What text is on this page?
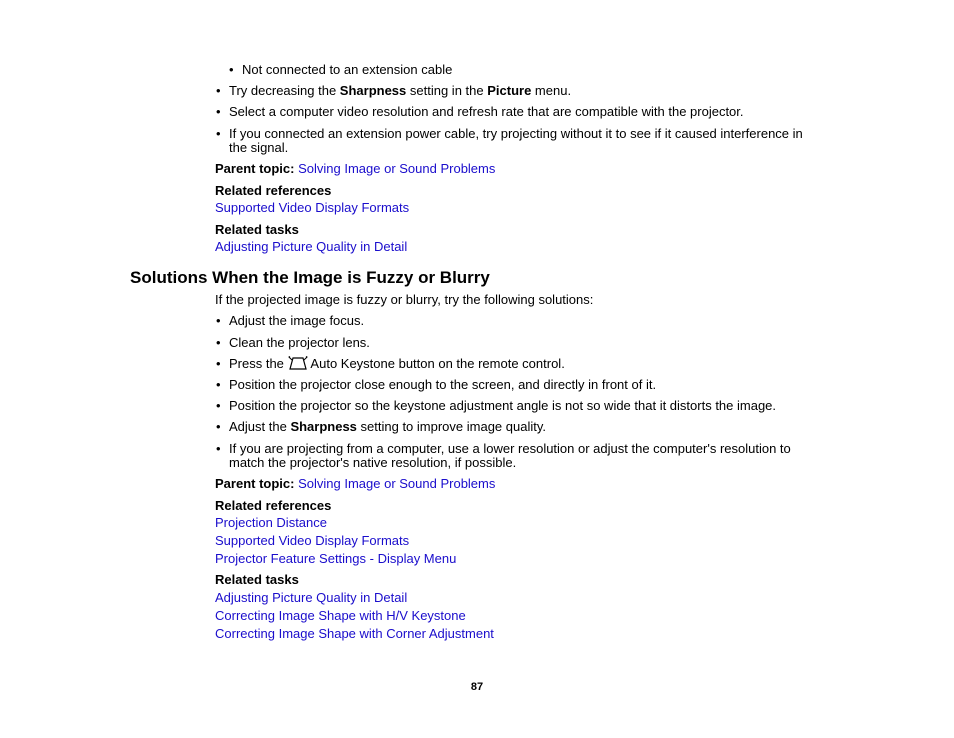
• Not connected to an extension cable
• Try decreasing the Sharpness setting in the Picture menu.
• Select a computer video resolution and refresh rate that are compatible with the projector.
• If you connected an extension power cable, try projecting without it to see if it caused interference in
the signal.
Parent topic: Solving Image or Sound Problems
Related references
Supported Video Display Formats
Related tasks
Adjusting Picture Quality in Detail
Solutions When the Image is Fuzzy or Blurry
If the projected image is fuzzy or blurry, try the following solutions:
• Adjust the image focus.
• Clean the projector lens.
• Press the  Auto Keystone button on the remote control.
• Position the projector close enough to the screen, and directly in front of it.
• Position the projector so the keystone adjustment angle is not so wide that it distorts the image.
• Adjust the Sharpness setting to improve image quality.
• If you are projecting from a computer, use a lower resolution or adjust the computer's resolution to
match the projector's native resolution, if possible.
Parent topic: Solving Image or Sound Problems
Related references
Projection Distance
Supported Video Display Formats
Projector Feature Settings - Display Menu
Related tasks
Adjusting Picture Quality in Detail
Correcting Image Shape with H/V Keystone
Correcting Image Shape with Corner Adjustment
87
